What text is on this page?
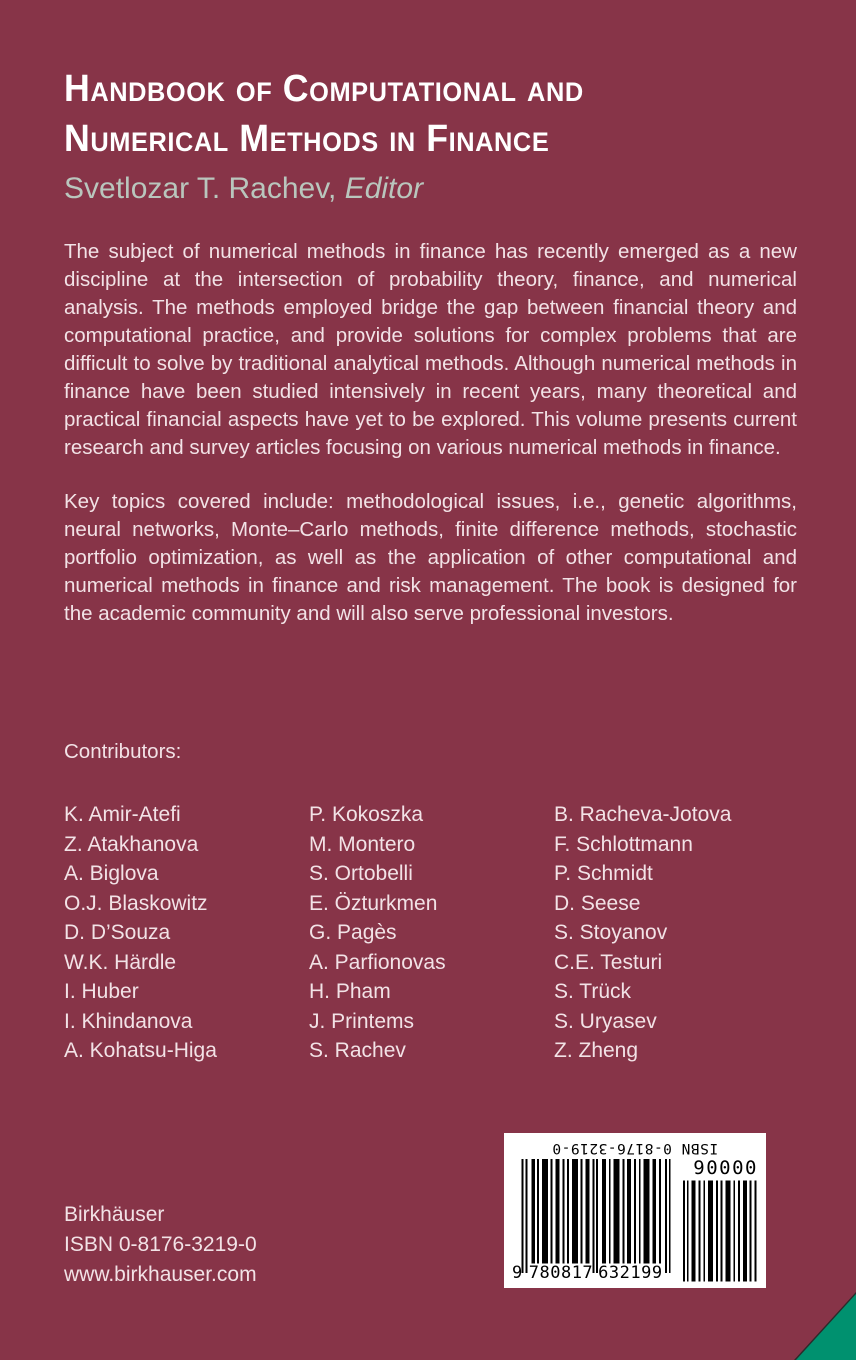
Handbook of Computational and
Numerical Methods in Finance
Svetlozar T. Rachev, Editor

The subject of numerical methods in finance has recently emerged as a new discipline at the intersection of probability theory, finance, and numerical analysis. The methods employed bridge the gap between financial theory and computational practice, and provide solutions for complex problems that are difficult to solve by traditional analytical methods. Although numerical methods in finance have been studied intensively in recent years, many theoretical and practical financial aspects have yet to be explored. This volume presents current research and survey articles focusing on various numerical methods in finance.

Key topics covered include: methodological issues, i.e., genetic algorithms, neural networks, Monte–Carlo methods, finite difference methods, stochastic portfolio optimization, as well as the application of other computational and numerical methods in finance and risk management. The book is designed for the academic community and will also serve professional investors.

Contributors:
K. Amir-Atefi
Z. Atakhanova
A. Biglova
O.J. Blaskowitz
D. D’Souza
W.K. Härdle
I. Huber
I. Khindanova
A. Kohatsu-Higa
P. Kokoszka
M. Montero
S. Ortobelli
E. Özturkmen
G. Pagès
A. Parfionovas
H. Pham
J. Printems
S. Rachev
B. Racheva-Jotova
F. Schlottmann
P. Schmidt
D. Seese
S. Stoyanov
C.E. Testuri
S. Trück
S. Uryasev
Z. Zheng
Birkhäuser
ISBN 0-8176-3219-0
www.birkhauser.com
ISBN 0-8176-3219-0
9 780817 632199
90000
